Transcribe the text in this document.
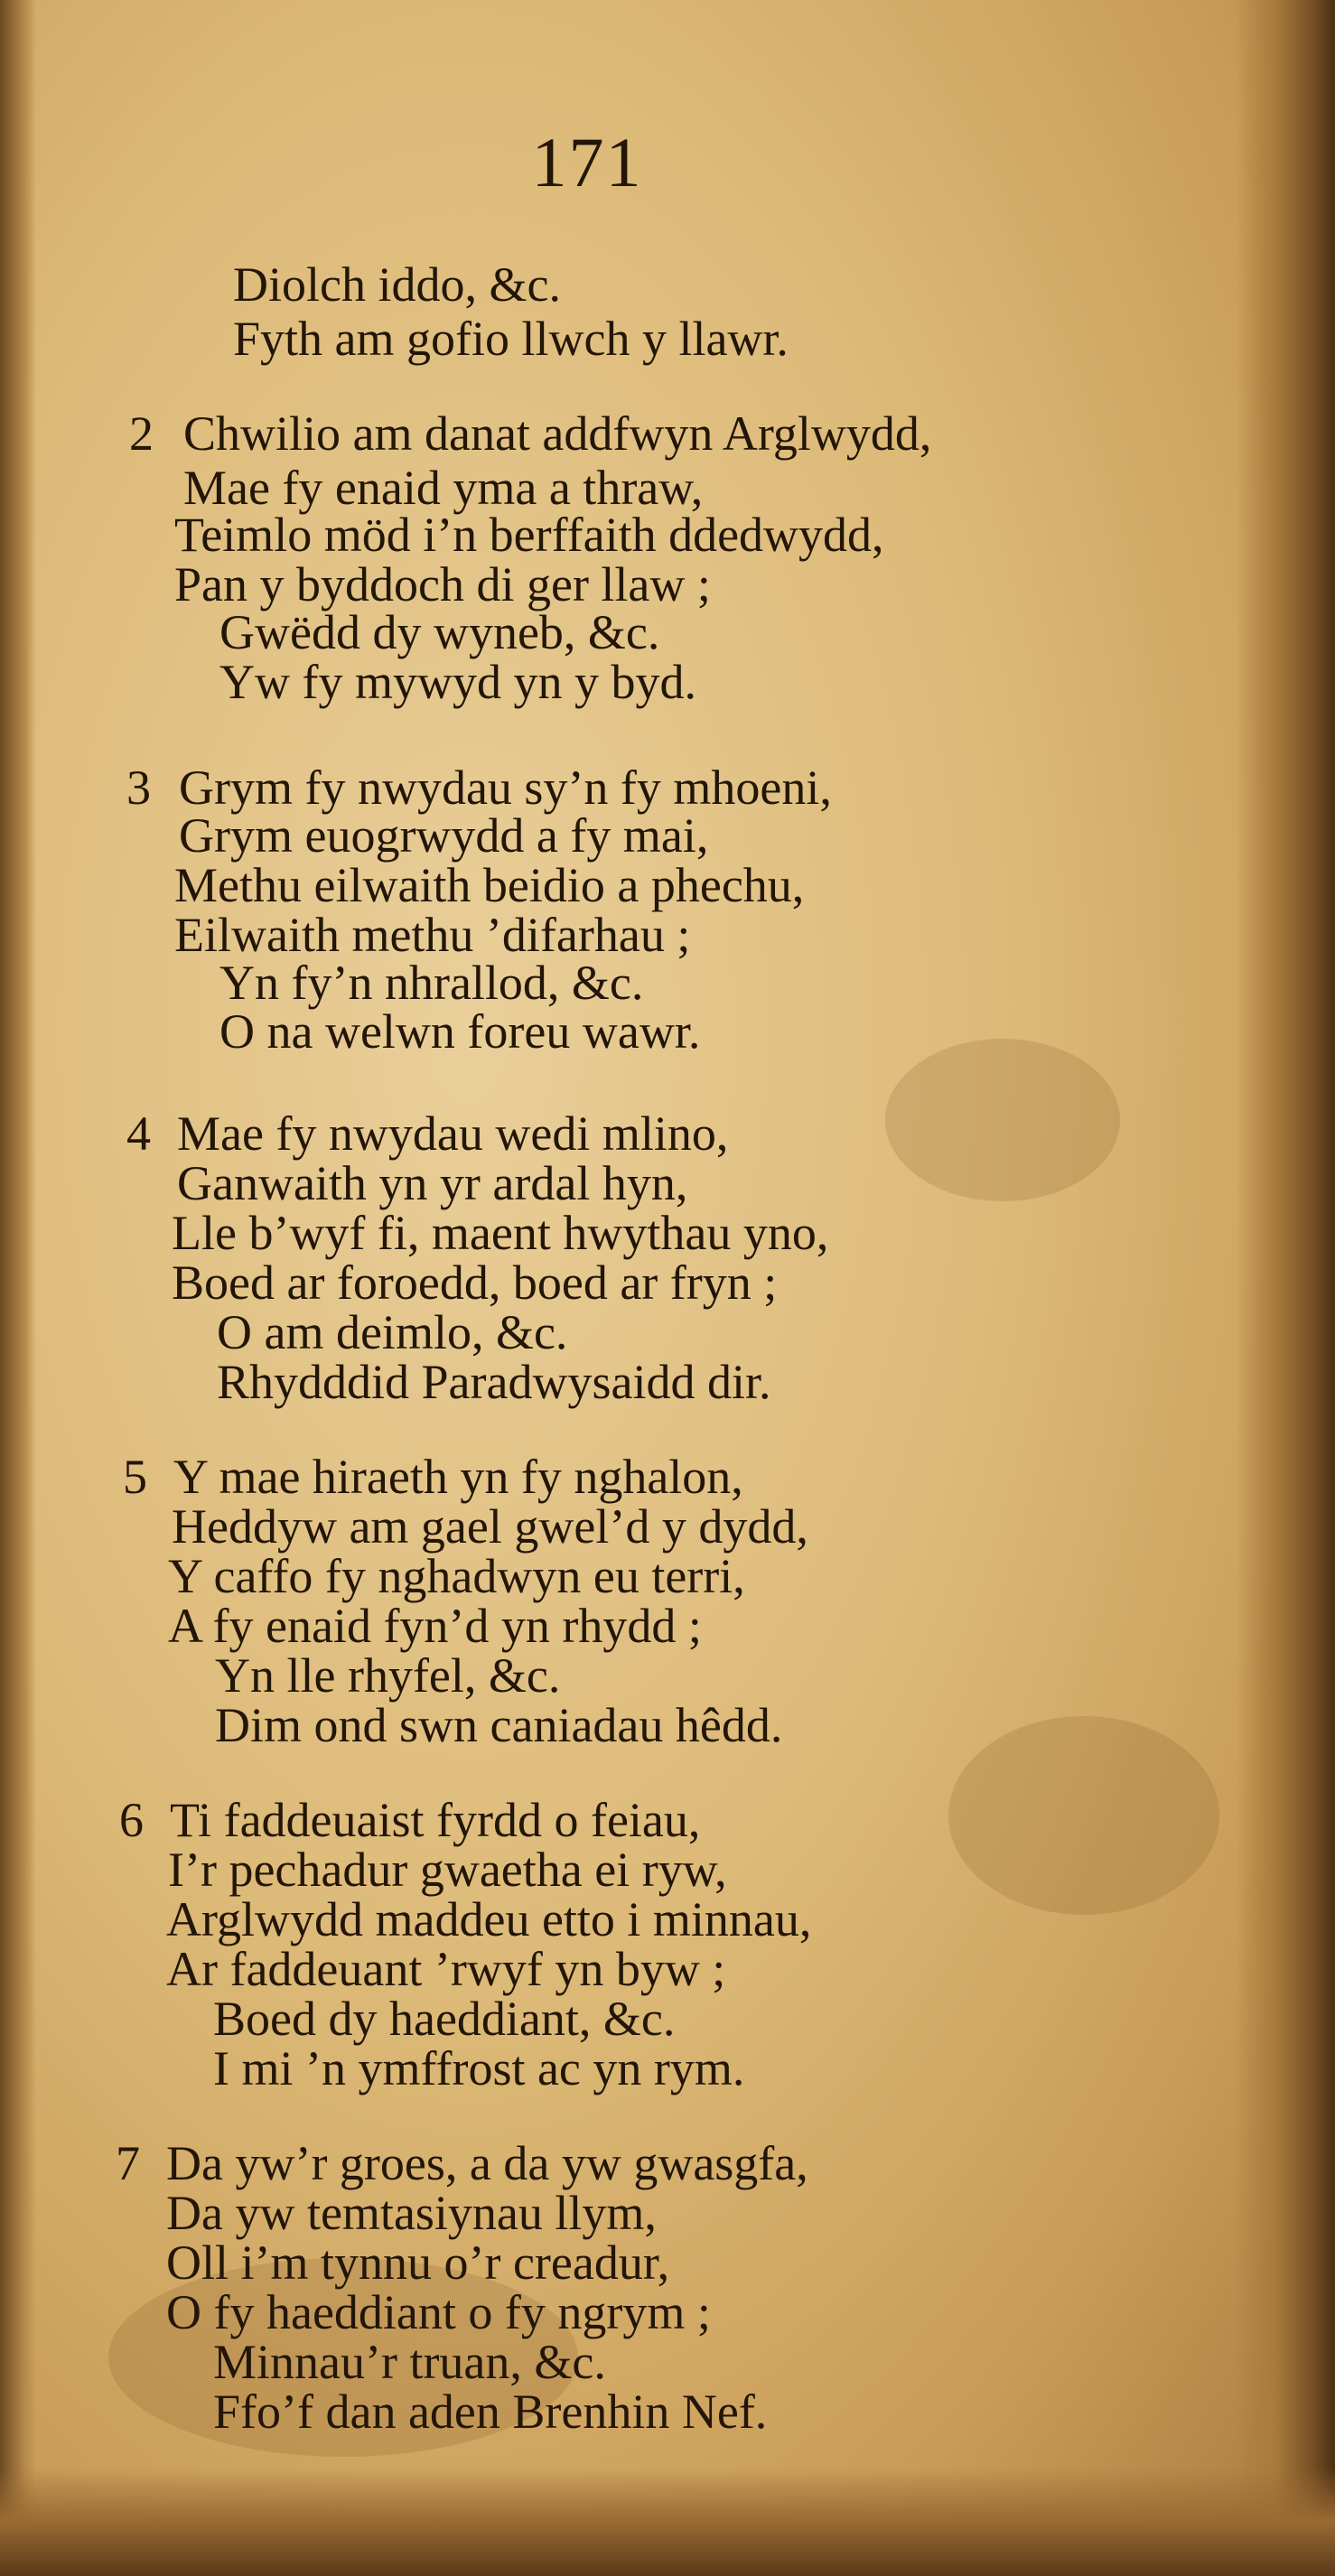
171
Diolch iddo, &c.
Fyth am gofio llwch y llawr.
2 Chwilio am danat addfwyn Arglwydd,
Mae fy enaid yma a thraw,
Teimlo möd i’n berffaith ddedwydd,
Pan y byddoch di ger llaw ;
Gwëdd dy wyneb, &c.
Yw fy mywyd yn y byd.
3 Grym fy nwydau sy’n fy mhoeni,
Grym euogrwydd a fy mai,
Methu eilwaith beidio a phechu,
Eilwaith methu ’difarhau ;
Yn fy’n nhrallod, &c.
O na welwn foreu wawr.
4 Mae fy nwydau wedi mlino,
Ganwaith yn yr ardal hyn,
Lle b’wyf fi, maent hwythau yno,
Boed ar foroedd, boed ar fryn ;
O am deimlo, &c.
Rhydddid Paradwysaidd dir.
5 Y mae hiraeth yn fy nghalon,
Heddyw am gael gwel’d y dydd,
Y caffo fy nghadwyn eu terri,
A fy enaid fyn’d yn rhydd ;
Yn lle rhyfel, &c.
Dim ond swn caniadau hêdd.
6 Ti faddeuaist fyrdd o feiau,
I’r pechadur gwaetha ei ryw,
Arglwydd maddeu etto i minnau,
Ar faddeuant ’rwyf yn byw ;
Boed dy haeddiant, &c.
I mi ’n ymffrost ac yn rym.
7 Da yw’r groes, a da yw gwasgfa,
Da yw temtasiynau llym,
Oll i’m tynnu o’r creadur,
O fy haeddiant o fy ngrym ;
Minnau’r truan, &c.
Ffo’f dan aden Brenhin Nef.
